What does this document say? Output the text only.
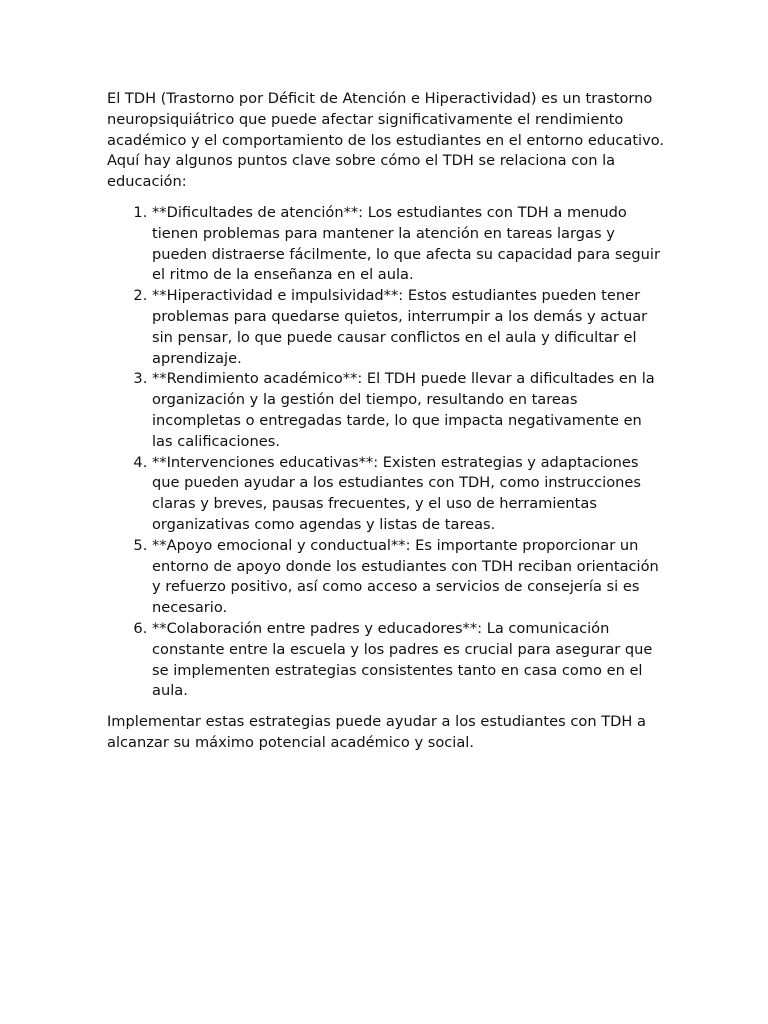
El TDH (Trastorno por Déficit de Atención e Hiperactividad) es un trastorno neuropsiquiátrico que puede afectar significativamente el rendimiento académico y el comportamiento de los estudiantes en el entorno educativo. Aquí hay algunos puntos clave sobre cómo el TDH se relaciona con la educación:

1. **Dificultades de atención**: Los estudiantes con TDH a menudo tienen problemas para mantener la atención en tareas largas y pueden distraerse fácilmente, lo que afecta su capacidad para seguir el ritmo de la enseñanza en el aula.
2. **Hiperactividad e impulsividad**: Estos estudiantes pueden tener problemas para quedarse quietos, interrumpir a los demás y actuar sin pensar, lo que puede causar conflictos en el aula y dificultar el aprendizaje.
3. **Rendimiento académico**: El TDH puede llevar a dificultades en la organización y la gestión del tiempo, resultando en tareas incompletas o entregadas tarde, lo que impacta negativamente en las calificaciones.
4. **Intervenciones educativas**: Existen estrategias y adaptaciones que pueden ayudar a los estudiantes con TDH, como instrucciones claras y breves, pausas frecuentes, y el uso de herramientas organizativas como agendas y listas de tareas.
5. **Apoyo emocional y conductual**: Es importante proporcionar un entorno de apoyo donde los estudiantes con TDH reciban orientación y refuerzo positivo, así como acceso a servicios de consejería si es necesario.
6. **Colaboración entre padres y educadores**: La comunicación constante entre la escuela y los padres es crucial para asegurar que se implementen estrategias consistentes tanto en casa como en el aula.

Implementar estas estrategias puede ayudar a los estudiantes con TDH a alcanzar su máximo potencial académico y social.
